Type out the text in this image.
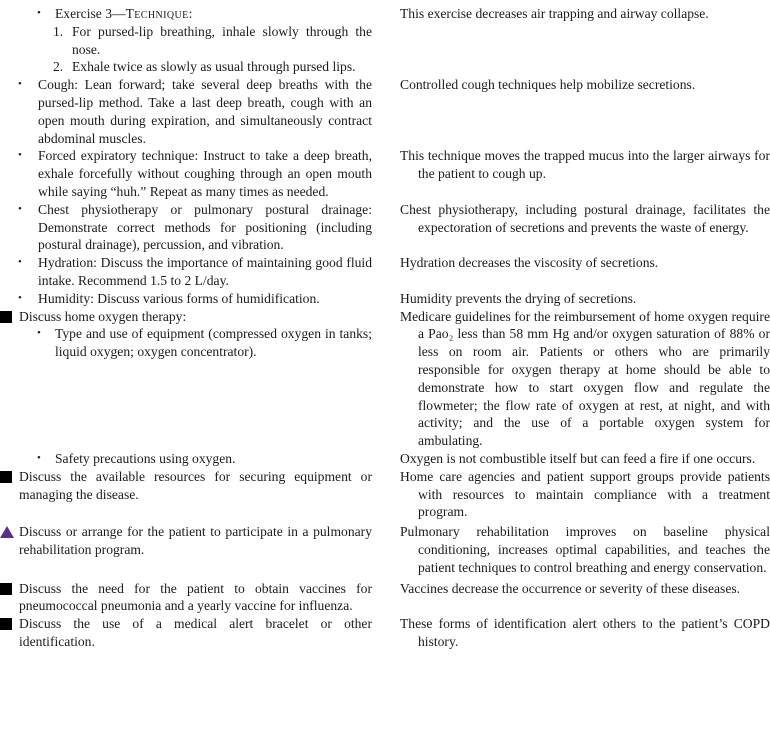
• Exercise 3—Technique:
1. For pursed-lip breathing, inhale slowly through the nose.
2. Exhale twice as slowly as usual through pursed lips.
This exercise decreases air trapping and airway collapse.
• Cough: Lean forward; take several deep breaths with the pursed-lip method. Take a last deep breath, cough with an open mouth during expiration, and simultaneously contract abdominal muscles.
Controlled cough techniques help mobilize secretions.
• Forced expiratory technique: Instruct to take a deep breath, exhale forcefully without coughing through an open mouth while saying “huh.” Repeat as many times as needed.
This technique moves the trapped mucus into the larger airways for the patient to cough up.
• Chest physiotherapy or pulmonary postural drainage: Demonstrate correct methods for positioning (including postural drainage), percussion, and vibration.
Chest physiotherapy, including postural drainage, facilitates the expectoration of secretions and prevents the waste of energy.
• Hydration: Discuss the importance of maintaining good fluid intake. Recommend 1.5 to 2 L/day.
Hydration decreases the viscosity of secretions.
• Humidity: Discuss various forms of humidification.	Humidity prevents the drying of secretions.
Discuss home oxygen therapy:
• Type and use of equipment (compressed oxygen in tanks; liquid oxygen; oxygen concentrator).
Medicare guidelines for the reimbursement of home oxygen require a Pao₂ less than 58 mm Hg and/or oxygen saturation of 88% or less on room air. Patients or others who are primarily responsible for oxygen therapy at home should be able to demonstrate how to start oxygen flow and regulate the flowmeter; the flow rate of oxygen at rest, at night, and with activity; and the use of a portable oxygen system for ambulating.
• Safety precautions using oxygen.	Oxygen is not combustible itself but can feed a fire if one occurs.
Discuss the available resources for securing equipment or managing the disease.
Home care agencies and patient support groups provide patients with resources to maintain compliance with a treatment program.
Discuss or arrange for the patient to participate in a pulmonary rehabilitation program.
Pulmonary rehabilitation improves on baseline physical conditioning, increases optimal capabilities, and teaches the patient techniques to control breathing and energy conservation.
Discuss the need for the patient to obtain vaccines for pneumococcal pneumonia and a yearly vaccine for influenza.
Vaccines decrease the occurrence or severity of these diseases.
Discuss the use of a medical alert bracelet or other identification.
These forms of identification alert others to the patient’s COPD history.
